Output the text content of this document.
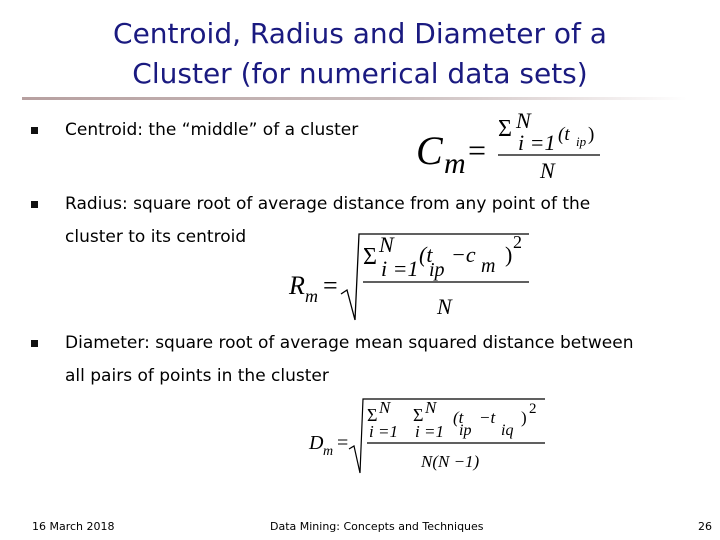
Centroid, Radius and Diameter of a
Cluster (for numerical data sets)
Centroid: the “middle” of a cluster
Radius: square root of average distance from any point of the
cluster to its centroid
Diameter: square root of average mean squared distance between
all pairs of points in the cluster
C m =
Σ N
i =1 (t ip )
N
R m =
Σ N
i =1
(t
ip
−c m ) 2
N
D m =
Σ N
i =1
Σ N
i =1
(t
ip
−t
iq
) 2
N(N −1)
16 March 2018	Data Mining: Concepts and Techniques	26
